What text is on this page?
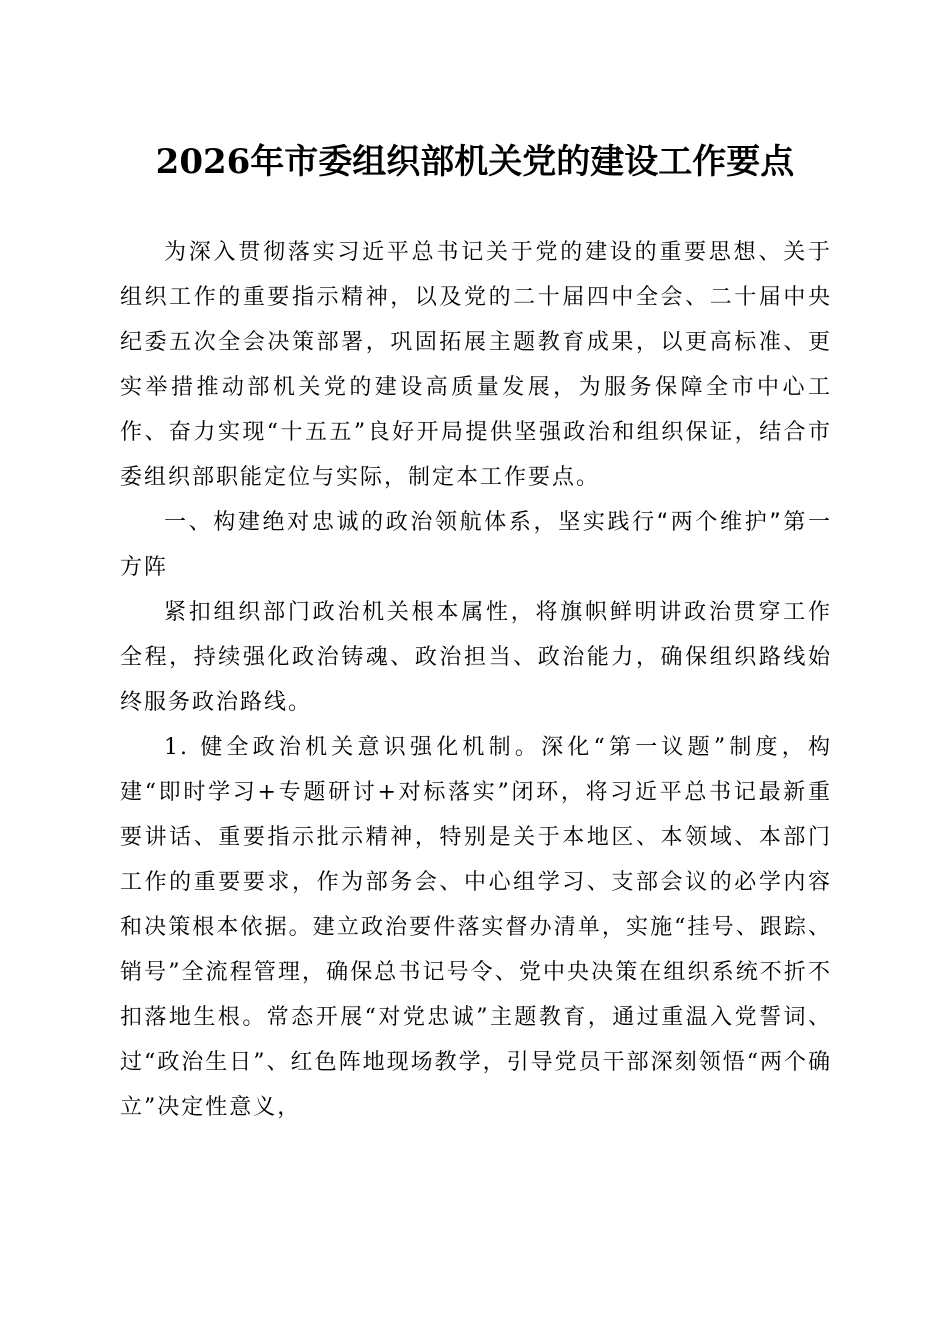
2026年市委组织部机关党的建设工作要点

为深入贯彻落实习近平总书记关于党的建设的重要思想、关于组织工作的重要指示精神，以及党的二十届四中全会、二十届中央纪委五次全会决策部署，巩固拓展主题教育成果，以更高标准、更实举措推动部机关党的建设高质量发展，为服务保障全市中心工作、奋力实现“十五五”良好开局提供坚强政治和组织保证，结合市委组织部职能定位与实际，制定本工作要点。

一、构建绝对忠诚的政治领航体系，坚实践行“两个维护”第一方阵

紧扣组织部门政治机关根本属性，将旗帜鲜明讲政治贯穿工作全程，持续强化政治铸魂、政治担当、政治能力，确保组织路线始终服务政治路线。

1. 健全政治机关意识强化机制。深化“第一议题”制度，构建“即时学习+专题研讨+对标落实”闭环，将习近平总书记最新重要讲话、重要指示批示精神，特别是关于本地区、本领域、本部门工作的重要要求，作为部务会、中心组学习、支部会议的必学内容和决策根本依据。建立政治要件落实督办清单，实施“挂号、跟踪、销号”全流程管理，确保总书记号令、党中央决策在组织系统不折不扣落地生根。常态开展“对党忠诚”主题教育，通过重温入党誓词、过“政治生日”、红色阵地现场教学，引导党员干部深刻领悟“两个确立”决定性意义，
